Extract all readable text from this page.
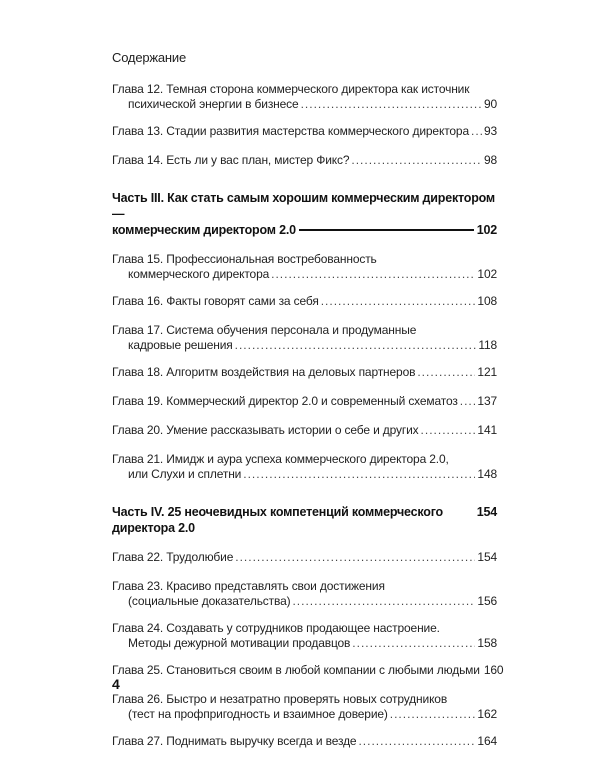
Содержание
Глава 12. Темная сторона коммерческого директора как источник
психической энергии в бизнесе .....	90
Глава 13. Стадии развития мастерства коммерческого директора ..... 93
Глава 14. Есть ли у вас план, мистер Фикс? .....	98
Часть III. Как стать самым хорошим коммерческим директором —
коммерческим директором 2.0	102
Глава 15. Профессиональная востребованность
коммерческого директора .....	102
Глава 16. Факты говорят сами за себя .....	108
Глава 17. Система обучения персонала и продуманные
кадровые решения .....	118
Глава 18. Алгоритм воздействия на деловых партнеров .....	121
Глава 19. Коммерческий директор 2.0 и современный схематоз ..... 137
Глава 20. Умение рассказывать истории о себе и других .....	141
Глава 21. Имидж и аура успеха коммерческого директора 2.0,
или Слухи и сплетни .....	148
Часть IV. 25 неочевидных компетенций коммерческого директора 2.0
154
Глава 22. Трудолюбие .....	154
Глава 23. Красиво представлять свои достижения
(социальные доказательства) .....	156
Глава 24. Создавать у сотрудников продающее настроение.
Методы дежурной мотивации продавцов .....	158
Глава 25. Становиться своим в любой компании с любыми людьми 160
Глава 26. Быстро и незатратно проверять новых сотрудников
(тест на профпригодность и взаимное доверие) .....	162
Глава 27. Поднимать выручку всегда и везде .....	164
4
